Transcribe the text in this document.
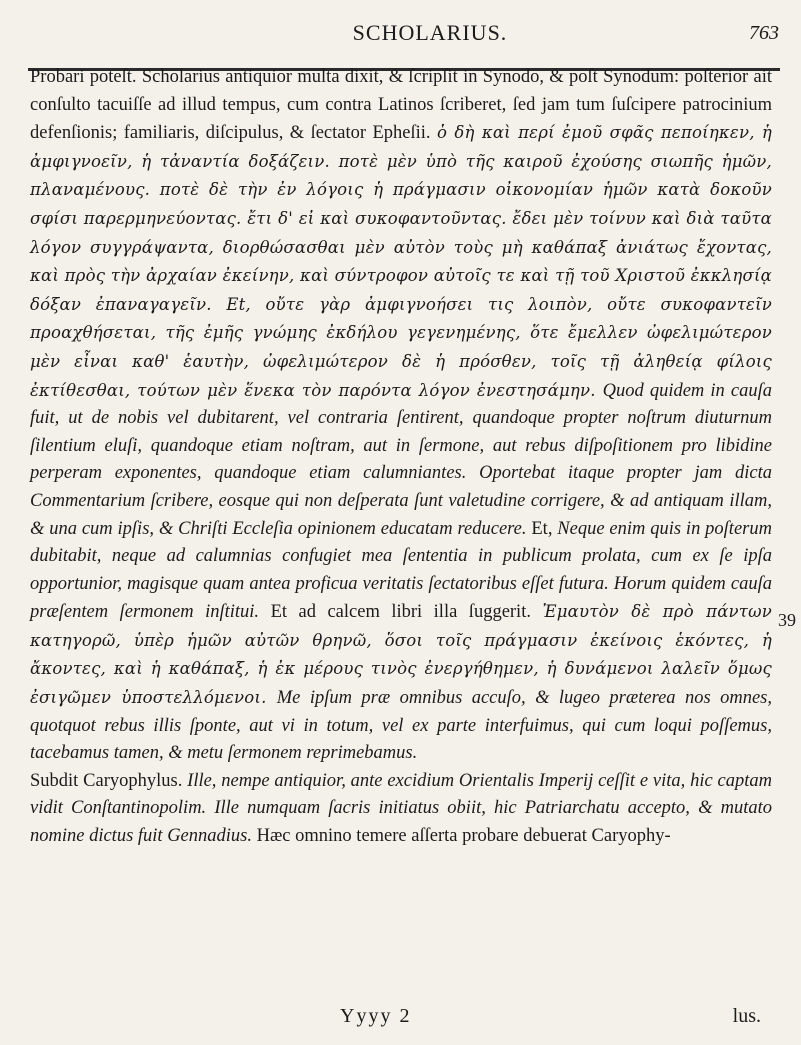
SCHOLARIUS.	763

Probari poteſt. Scholarius antiquior multa dixit, & ſcripſit in Synodo, & poſt Synodum: poſterior ait conſulto tacuiſſe ad illud tempus, cum contra Latinos ſcriberet, ſed jam tum ſuſcipere patrocinium defenſionis; familiaris, diſcipulus, & ſectator Epheſii. ὁ δὴ καὶ περί ἐμοῦ σφᾶς πεποίηκεν, ἡ ἀμφιγνοεῖν, ἡ τἀναντία δοξάζειν. ποτὲ μὲν ὑπὸ τῆς καιροῦ ἐχούσης σιωπῆς ἡμῶν, πλαναμένους. ποτὲ δὲ τὴν ἐν λόγοις ἡ πράγμασιν οἰκονομίαν ἡμῶν κατὰ δοκοῦν σφίσι παρερμηνεύοντας. ἔτι δ' εἰ καὶ συκοφαντοῦντας. ἔδει μὲν τοίνυν καὶ διὰ ταῦτα λόγον συγγράψαντα, διορθώσασθαι μὲν αὐτὸν τοὺς μὴ καθάπαξ ἀνιάτως ἔχοντας, καὶ πρὸς τὴν ἀρχαίαν ἐκείνην, καὶ σύντροφον αὐτοῖς τε καὶ τῇ τοῦ Χριστοῦ ἐκκλησίᾳ δόξαν ἐπαναγαγεῖν. Et, οὔτε γὰρ ἀμφιγνοήσει τις λοιπὸν, οὔτε συκοφαντεῖν προαχθήσεται, τῆς ἐμῆς γνώμης ἐκδήλου γεγενημένης, ὅτε ἔμελλεν ὠφελιμώτερον μὲν εἶναι καθ' ἑαυτὴν, ὠφελιμώτερον δὲ ἡ πρόσθεν, τοῖς τῇ ἀληθείᾳ φίλοις ἐκτίθεσθαι, τούτων μὲν ἕνεκα τὸν παρόντα λόγον ἐνεστησάμην. Quod quidem in cauſa fuit, ut de nobis vel dubitarent, vel contraria ſentirent, quandoque propter noſtrum diuturnum ſilentium eluſi, quandoque etiam noſtram, aut in ſermone, aut rebus diſpoſitionem pro libidine perperam exponentes, quandoque etiam calumniantes. Oportebat itaque propter jam dicta Commentarium ſcribere, eosque qui non deſperata ſunt valetudine corrigere, & ad antiquam illam, & una cum ipſis, & Chriſti Eccleſia opinionem educatam reducere. Et, Neque enim quis in poſterum dubitabit, neque ad calumnias confugiet mea ſententia in publicum prolata, cum ex ſe ipſa opportunior, magisque quam antea proficua veritatis ſectatoribus eſſet futura. Horum quidem cauſa præſentem ſermonem inſtitui. Et ad calcem libri illa ſuggerit. Ἐμαυτὸν δὲ πρὸ πάντων κατηγορῶ, ὑπὲρ ἡμῶν αὐτῶν θρηνῶ, ὅσοι τοῖς πράγμασιν ἐκείνοις ἑκόντες, ἡ ἄκοντες, καὶ ἡ καθάπαξ, ἡ ἐκ μέρους τινὸς ἐνεργήθημεν, ἡ δυνάμενοι λαλεῖν ὅμως ἐσιγῶμεν ὑποστελλόμενοι. Me ipſum præ omnibus accuſo, & lugeo præterea nos omnes, quotquot rebus illis ſponte, aut vi in totum, vel ex parte interfuimus, qui cum loqui poſſemus, tacebamus tamen, & metu ſermonem reprimebamus.

Subdit Caryophylus. Ille, nempe antiquior, ante excidium Orientalis Imperij ceſſit e vita, hic captam vidit Conſtantinopolim. Ille numquam ſacris initiatus obiit, hic Patriarchatu accepto, & mutato nomine dictus fuit Gennadius. Hæc omnino temere aſſerta probare debuerat Caryophy-

39
Yyyy 2	lus.
